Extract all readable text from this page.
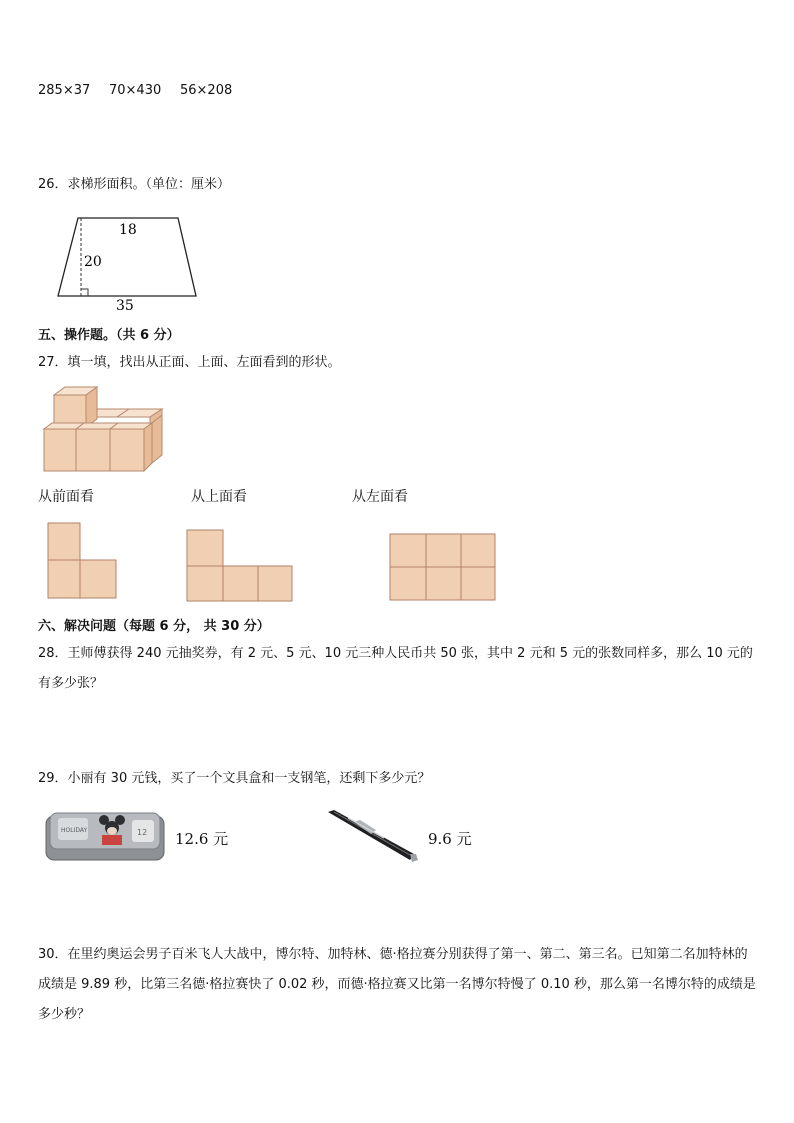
285×37 70×430 56×208
26．求梯形面积。（单位：厘米）
18
20
35
五、操作题。（共 6 分）
27．填一填，找出从正面、上面、左面看到的形状。
从前面看	从上面看	从左面看
六、解决问题（每题 6 分， 共 30 分）
28．王师傅获得 240 元抽奖券，有 2 元、5 元、10 元三种人民币共 50 张，其中 2 元和 5 元的张数同样多，那么 10 元的有多少张？
29．小丽有 30 元钱，买了一个文具盒和一支钢笔，还剩下多少元？
HOLIDAY	12 12.6 元	9.6 元
30．在里约奥运会男子百米飞人大战中，博尔特、加特林、德·格拉赛分别获得了第一、第二、第三名。已知第二名加特林的成绩是 9.89 秒，比第三名德·格拉赛快了 0.02 秒，而德·格拉赛又比第一名博尔特慢了 0.10 秒，那么第一名博尔特的成绩是多少秒？
